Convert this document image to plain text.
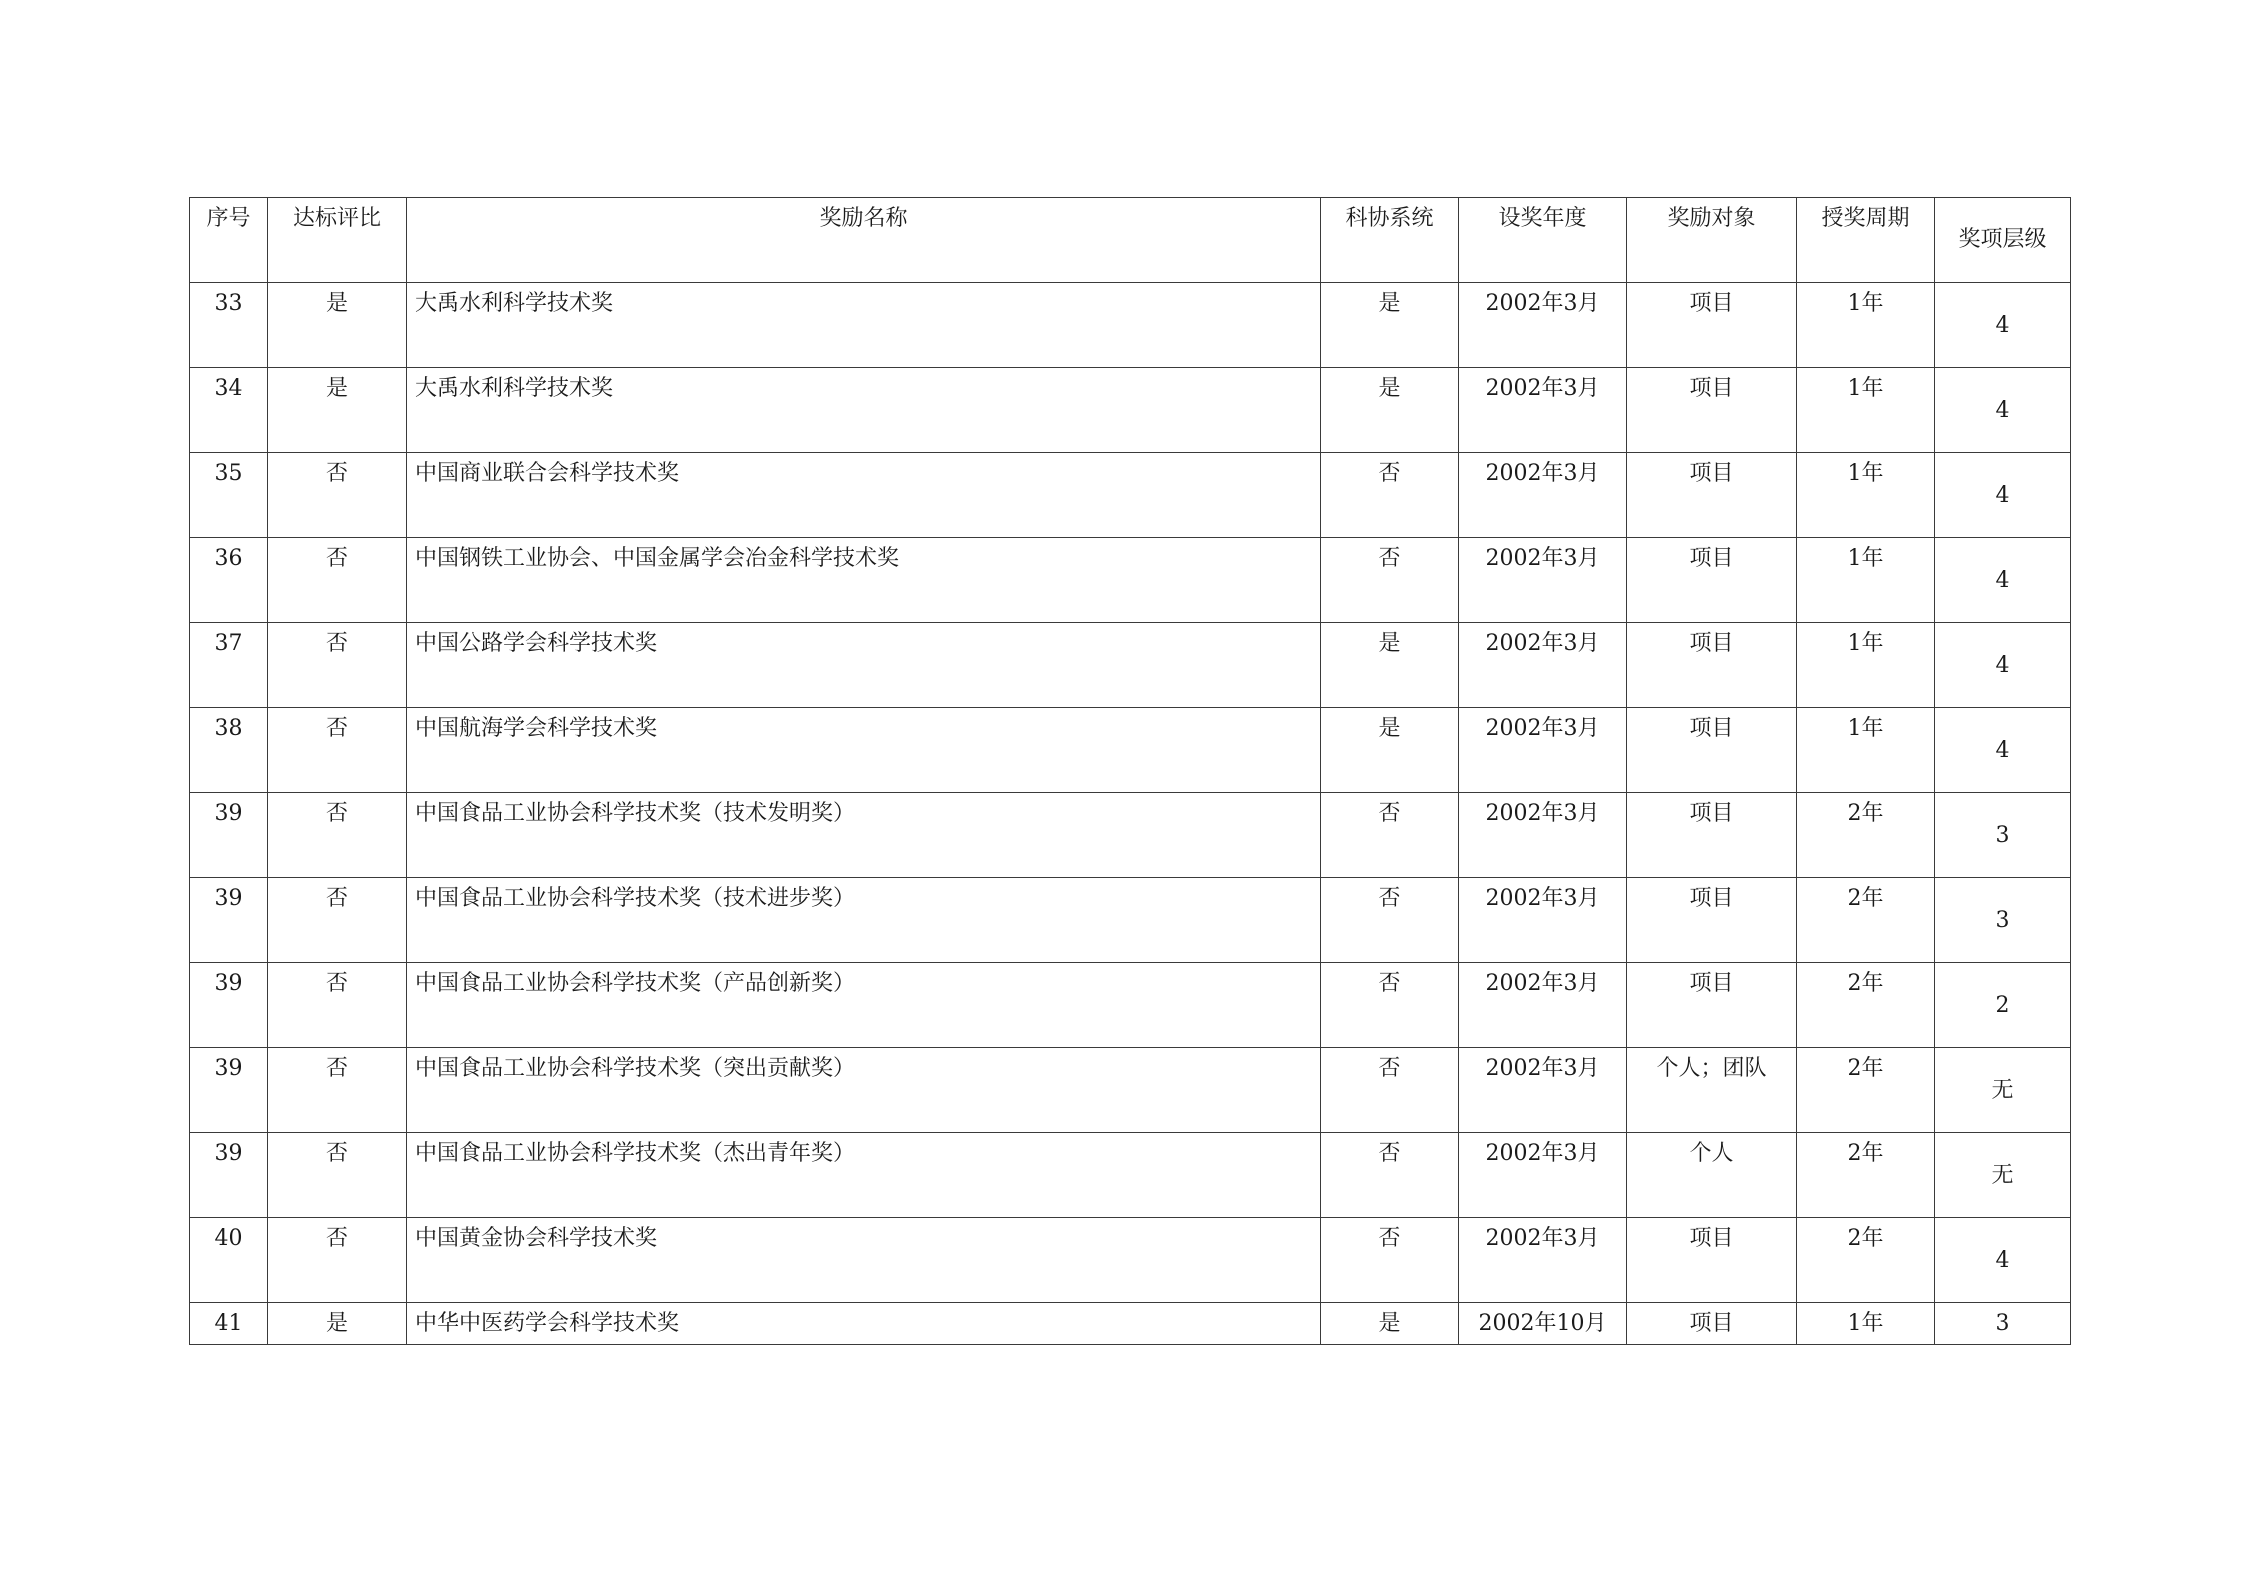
序号	达标评比	奖励名称	科协系统	设奖年度	奖励对象	授奖周期	奖项层级
33	是	大禹水利科学技术奖	是	2002年3月	项目	1年	4
34	是	大禹水利科学技术奖	是	2002年3月	项目	1年	4
35	否	中国商业联合会科学技术奖	否	2002年3月	项目	1年	4
36	否	中国钢铁工业协会、中国金属学会冶金科学技术奖	否	2002年3月	项目	1年	4
37	否	中国公路学会科学技术奖	是	2002年3月	项目	1年	4
38	否	中国航海学会科学技术奖	是	2002年3月	项目	1年	4
39	否	中国食品工业协会科学技术奖（技术发明奖）	否	2002年3月	项目	2年	3
39	否	中国食品工业协会科学技术奖（技术进步奖）	否	2002年3月	项目	2年	3
39	否	中国食品工业协会科学技术奖（产品创新奖）	否	2002年3月	项目	2年	2
39	否	中国食品工业协会科学技术奖（突出贡献奖）	否	2002年3月	个人；团队	2年	无
39	否	中国食品工业协会科学技术奖（杰出青年奖）	否	2002年3月	个人	2年	无
40	否	中国黄金协会科学技术奖	否	2002年3月	项目	2年	4
41	是	中华中医药学会科学技术奖	是	2002年10月	项目	1年	3
